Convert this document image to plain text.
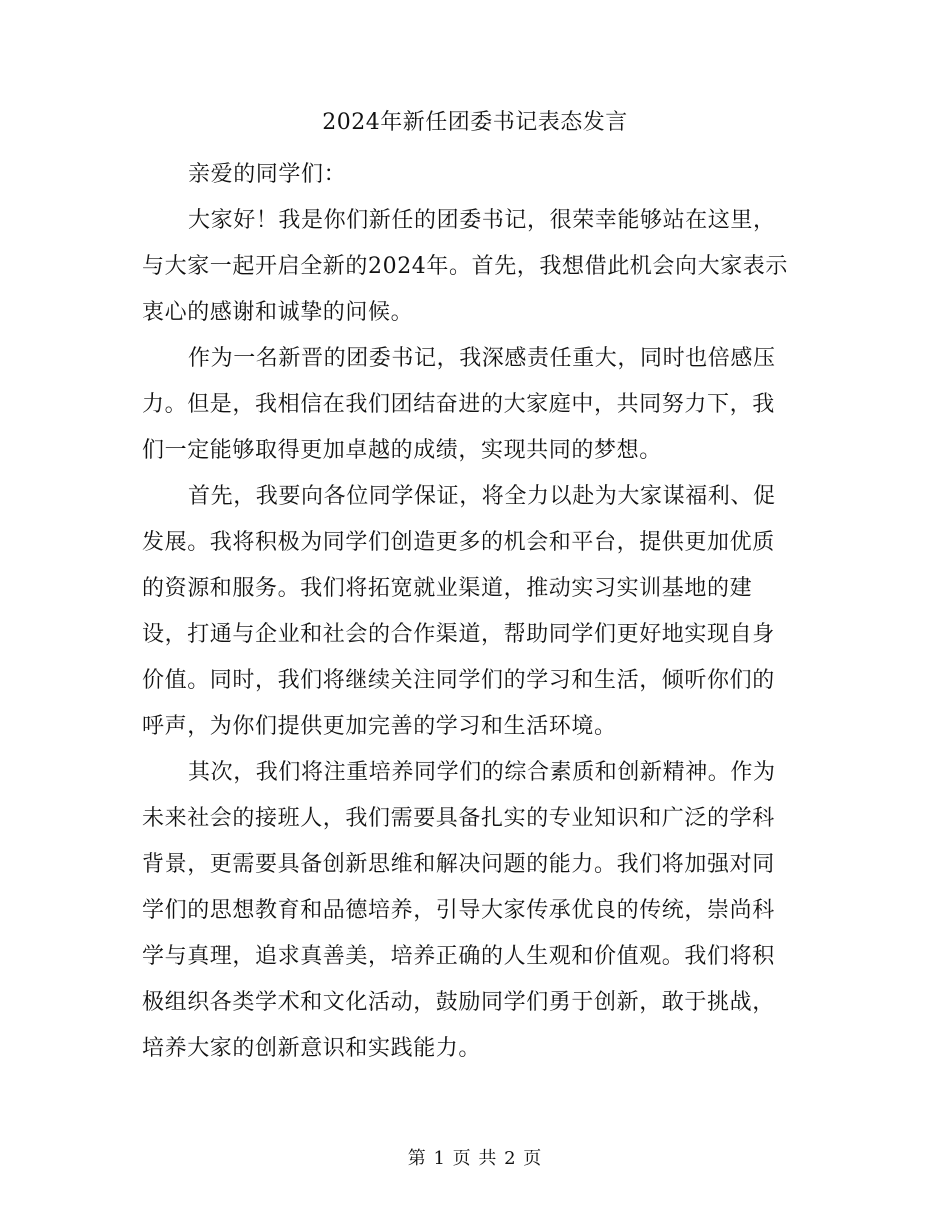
2024年新任团委书记表态发言
亲爱的同学们：
大家好！我是你们新任的团委书记，很荣幸能够站在这里，
与大家一起开启全新的2024年。首先，我想借此机会向大家表示
衷心的感谢和诚挚的问候。
作为一名新晋的团委书记，我深感责任重大，同时也倍感压
力。但是，我相信在我们团结奋进的大家庭中，共同努力下，我
们一定能够取得更加卓越的成绩，实现共同的梦想。
首先，我要向各位同学保证，将全力以赴为大家谋福利、促
发展。我将积极为同学们创造更多的机会和平台，提供更加优质
的资源和服务。我们将拓宽就业渠道，推动实习实训基地的建
设，打通与企业和社会的合作渠道，帮助同学们更好地实现自身
价值。同时，我们将继续关注同学们的学习和生活，倾听你们的
呼声，为你们提供更加完善的学习和生活环境。
其次，我们将注重培养同学们的综合素质和创新精神。作为
未来社会的接班人，我们需要具备扎实的专业知识和广泛的学科
背景，更需要具备创新思维和解决问题的能力。我们将加强对同
学们的思想教育和品德培养，引导大家传承优良的传统，崇尚科
学与真理，追求真善美，培养正确的人生观和价值观。我们将积
极组织各类学术和文化活动，鼓励同学们勇于创新，敢于挑战，
培养大家的创新意识和实践能力。
第 1 页 共 2 页
